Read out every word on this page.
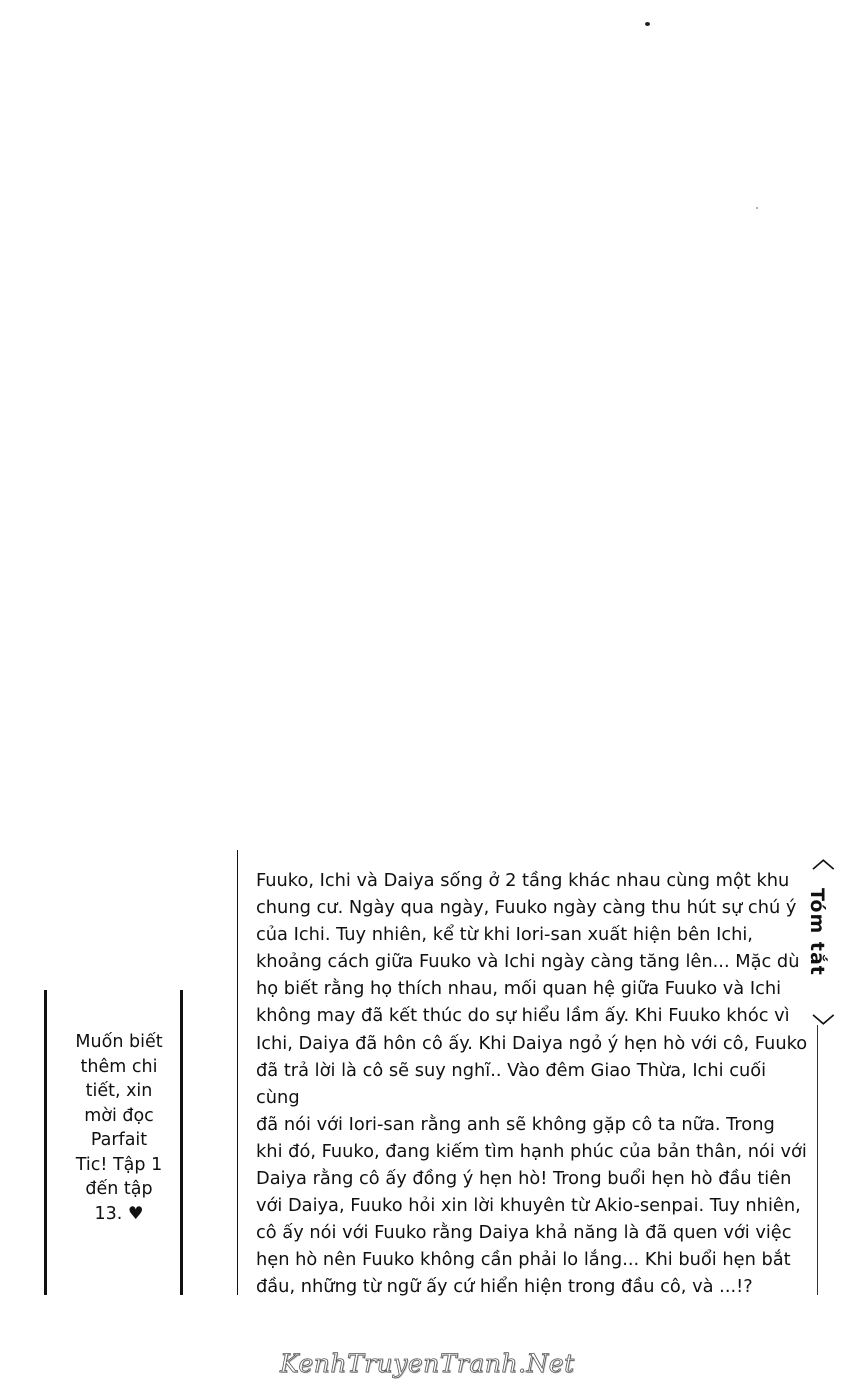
Muốn biết
thêm chi
tiết, xin
mời đọc
Parfait
Tic! Tập 1
đến tập
13. ♥
Fuuko, Ichi và Daiya sống ở 2 tầng khác nhau cùng một khu
chung cư. Ngày qua ngày, Fuuko ngày càng thu hút sự chú ý
của Ichi. Tuy nhiên, kể từ khi Iori-san xuất hiện bên Ichi,
khoảng cách giữa Fuuko và Ichi ngày càng tăng lên... Mặc dù
họ biết rằng họ thích nhau, mối quan hệ giữa Fuuko và Ichi
không may đã kết thúc do sự hiểu lầm ấy. Khi Fuuko khóc vì
Ichi, Daiya đã hôn cô ấy. Khi Daiya ngỏ ý hẹn hò với cô, Fuuko
đã trả lời là cô sẽ suy nghĩ.. Vào đêm Giao Thừa, Ichi cuối cùng
đã nói với Iori-san rằng anh sẽ không gặp cô ta nữa. Trong
khi đó, Fuuko, đang kiếm tìm hạnh phúc của bản thân, nói với
Daiya rằng cô ấy đồng ý hẹn hò! Trong buổi hẹn hò đầu tiên
với Daiya, Fuuko hỏi xin lời khuyên từ Akio-senpai. Tuy nhiên,
cô ấy nói với Fuuko rằng Daiya khả năng là đã quen với việc
hẹn hò nên Fuuko không cần phải lo lắng... Khi buổi hẹn bắt
đầu, những từ ngữ ấy cứ hiển hiện trong đầu cô, và ...!?
〈
Tóm tắt
〉
KenhTruyenTranh.Net
